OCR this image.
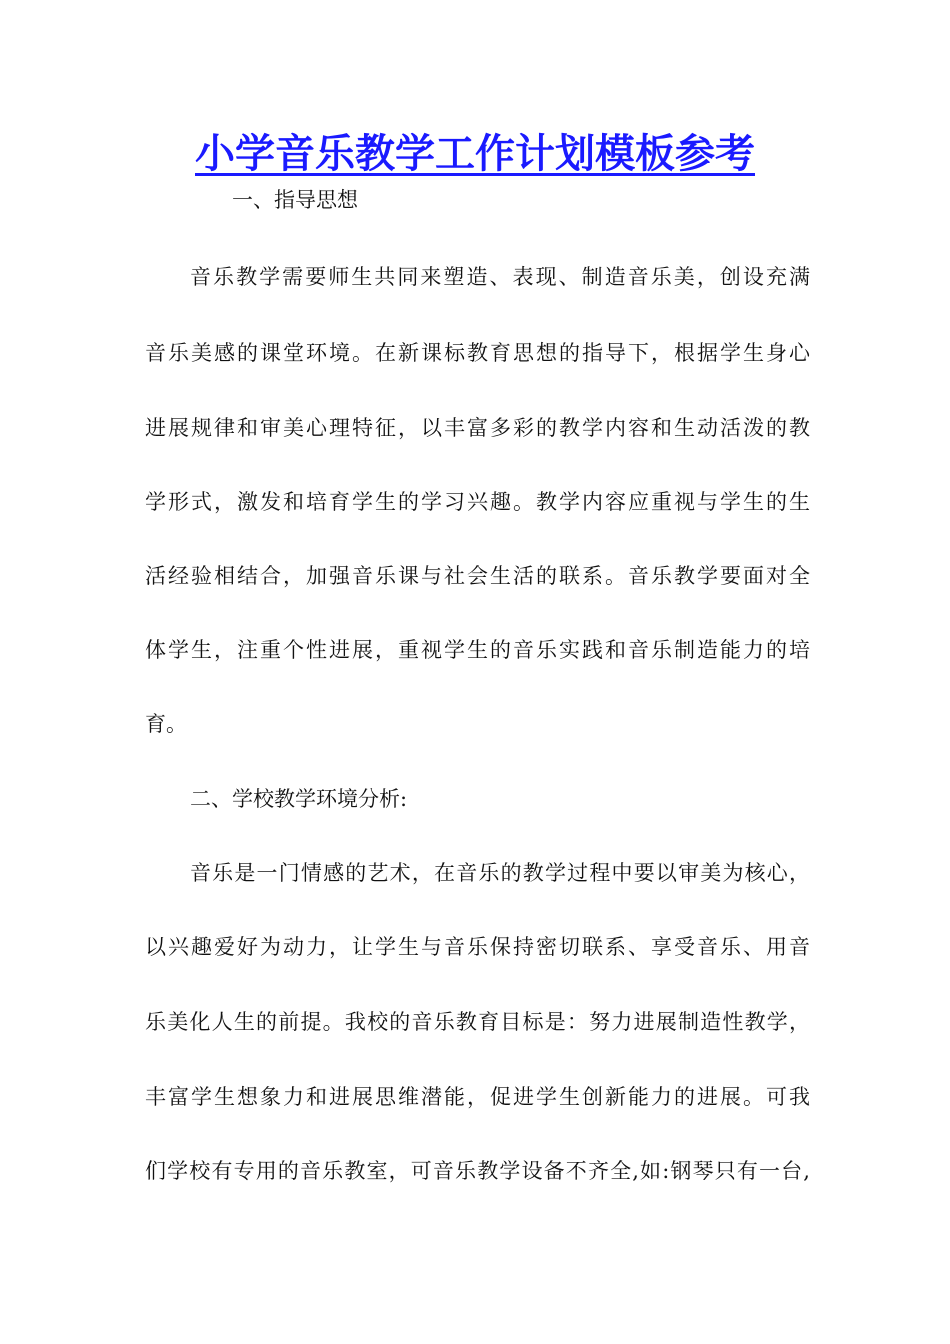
小学音乐教学工作计划模板参考
一、指导思想
音乐教学需要师生共同来塑造、表现、制造音乐美，创设充满
音乐美感的课堂环境。在新课标教育思想的指导下，根据学生身心
进展规律和审美心理特征，以丰富多彩的教学内容和生动活泼的教
学形式，激发和培育学生的学习兴趣。教学内容应重视与学生的生
活经验相结合，加强音乐课与社会生活的联系。音乐教学要面对全
体学生，注重个性进展，重视学生的音乐实践和音乐制造能力的培
育。
二、学校教学环境分析:
音乐是一门情感的艺术，在音乐的教学过程中要以审美为核心，
以兴趣爱好为动力，让学生与音乐保持密切联系、享受音乐、用音
乐美化人生的前提。我校的音乐教育目标是：努力进展制造性教学，
丰富学生想象力和进展思维潜能，促进学生创新能力的进展。可我
们学校有专用的音乐教室，可音乐教学设备不齐全,如:钢琴只有一台,
